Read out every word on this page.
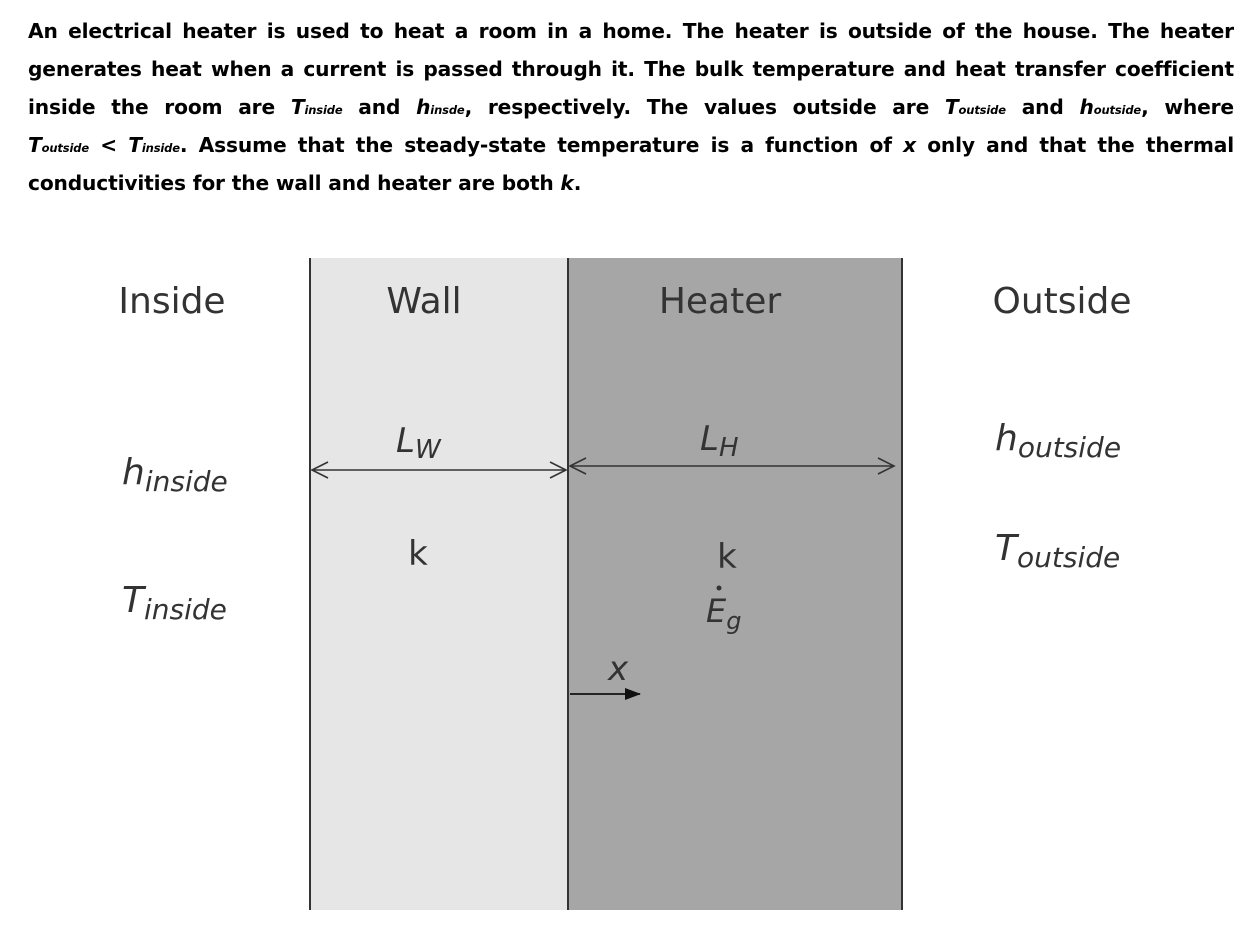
An electrical heater is used to heat a room in a home. The heater is outside of the house. The heater
generates heat when a current is passed through it. The bulk temperature and heat transfer coefficient
inside the room are Tinside and hinsde, respectively. The values outside are Toutside and houtside, where
Toutside < Tinside. Assume that the steady-state temperature is a function of x only and that the thermal
conductivities for the wall and heater are both k.
Inside	Wall	Heater	Outside
LW	LH
hinside
Tinside
houtside
Toutside
k	k
$E_g$
x
